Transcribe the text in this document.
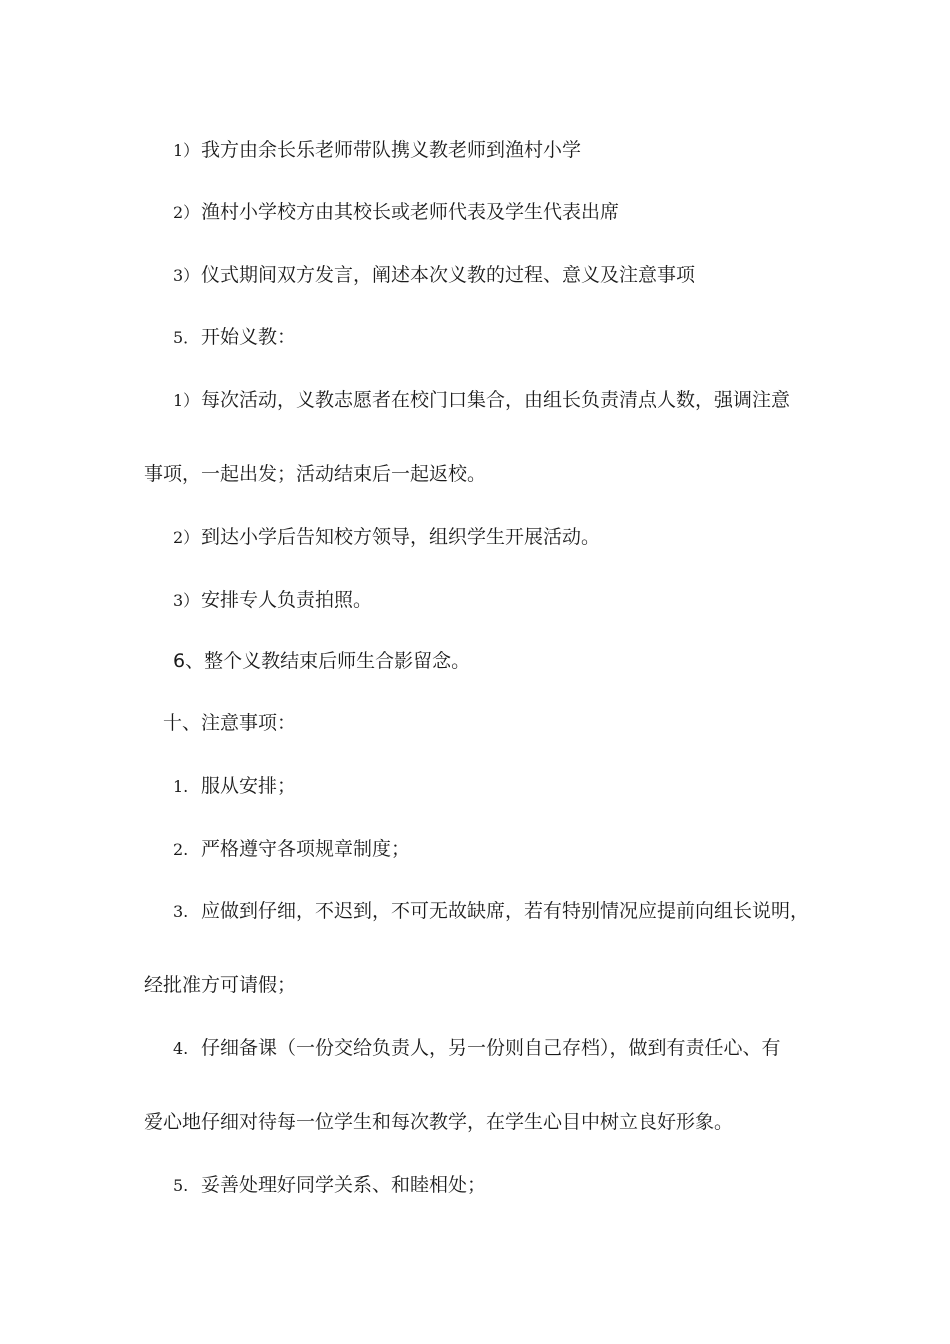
1）我方由余长乐老师带队携义教老师到渔村小学
2）渔村小学校方由其校长或老师代表及学生代表出席
3）仪式期间双方发言，阐述本次义教的过程、意义及注意事项
5．开始义教：
1）每次活动，义教志愿者在校门口集合，由组长负责清点人数，强调注意
事项，一起出发；活动结束后一起返校。
2）到达小学后告知校方领导，组织学生开展活动。
3）安排专人负责拍照。
6、整个义教结束后师生合影留念。
十、注意事项：
1. 服从安排；
2. 严格遵守各项规章制度；
3. 应做到仔细，不迟到，不可无故缺席，若有特别情况应提前向组长说明，
经批准方可请假；
4. 仔细备课（一份交给负责人，另一份则自己存档），做到有责任心、有
爱心地仔细对待每一位学生和每次教学，在学生心目中树立良好形象。
5. 妥善处理好同学关系、和睦相处；
